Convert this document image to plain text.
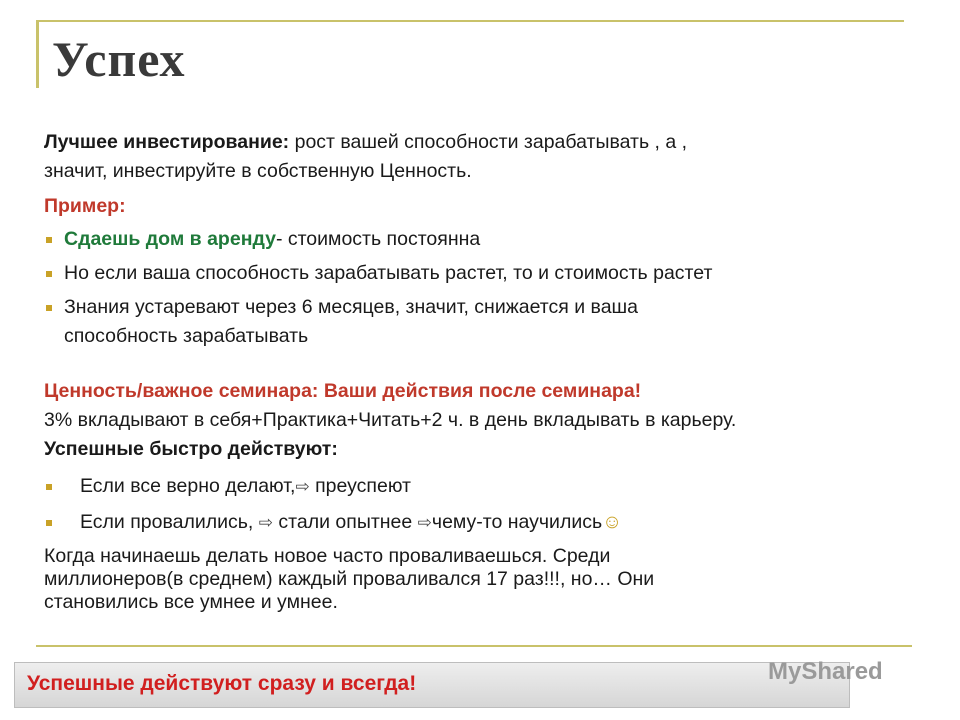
Успех

Лучшее инвестирование: рост вашей способности зарабатывать , а ,
значит, инвестируйте в собственную Ценность.

Пример:

Сдаешь дом в аренду- стоимость постоянна
Но если ваша способность зарабатывать растет, то и стоимость растет
Знания устаревают через 6 месяцев, значит, снижается и ваша
способность зарабатывать

Ценность/важное семинара: Ваши действия после семинара!

3% вкладывают в себя+Практика+Читать+2 ч. в день вкладывать в карьеру.

Успешные быстро действуют:

Если все верно делают,⇨ преуспеют
Если провалились, ⇨ стали опытнее ⇨чему-то научились☺

Когда начинаешь делать новое часто проваливаешься. Среди
миллионеров(в среднем) каждый проваливался 17 раз!!!, но… Они
становились все умнее и умнее.

Успешные действуют сразу и всегда!	MyShared
